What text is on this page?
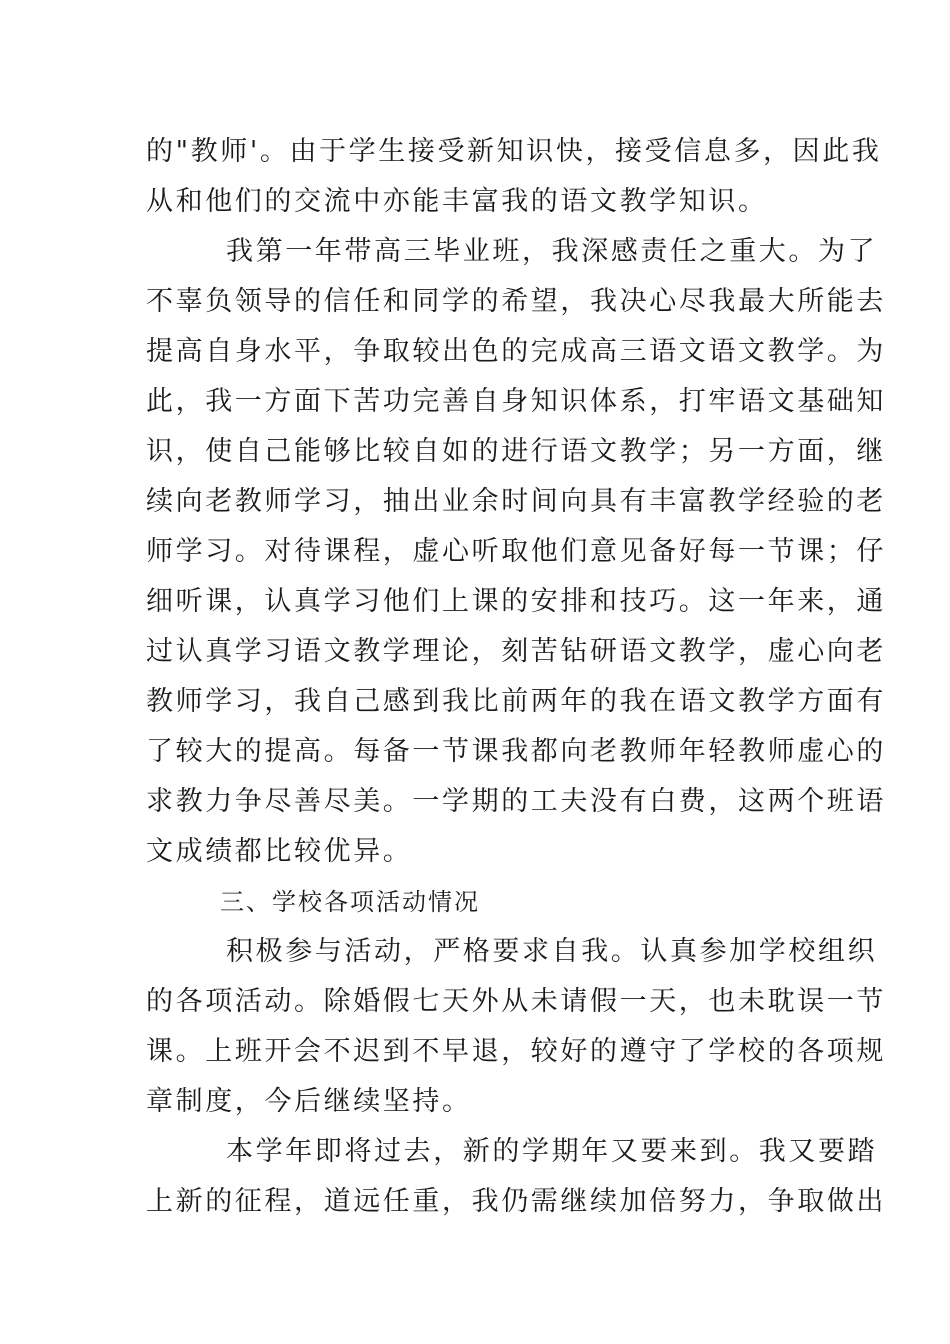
的"教师'。由于学生接受新知识快，接受信息多，因此我
从和他们的交流中亦能丰富我的语文教学知识。
我第一年带高三毕业班，我深感责任之重大。为了
不辜负领导的信任和同学的希望，我决心尽我最大所能去
提高自身水平，争取较出色的完成高三语文语文教学。为
此，我一方面下苦功完善自身知识体系，打牢语文基础知
识，使自己能够比较自如的进行语文教学；另一方面，继
续向老教师学习，抽出业余时间向具有丰富教学经验的老
师学习。对待课程，虚心听取他们意见备好每一节课；仔
细听课，认真学习他们上课的安排和技巧。这一年来，通
过认真学习语文教学理论，刻苦钻研语文教学，虚心向老
教师学习，我自己感到我比前两年的我在语文教学方面有
了较大的提高。每备一节课我都向老教师年轻教师虚心的
求教力争尽善尽美。一学期的工夫没有白费，这两个班语
文成绩都比较优异。
三、学校各项活动情况
积极参与活动，严格要求自我。认真参加学校组织
的各项活动。除婚假七天外从未请假一天，也未耽误一节
课。上班开会不迟到不早退，较好的遵守了学校的各项规
章制度，今后继续坚持。
本学年即将过去，新的学期年又要来到。我又要踏
上新的征程，道远任重，我仍需继续加倍努力，争取做出
